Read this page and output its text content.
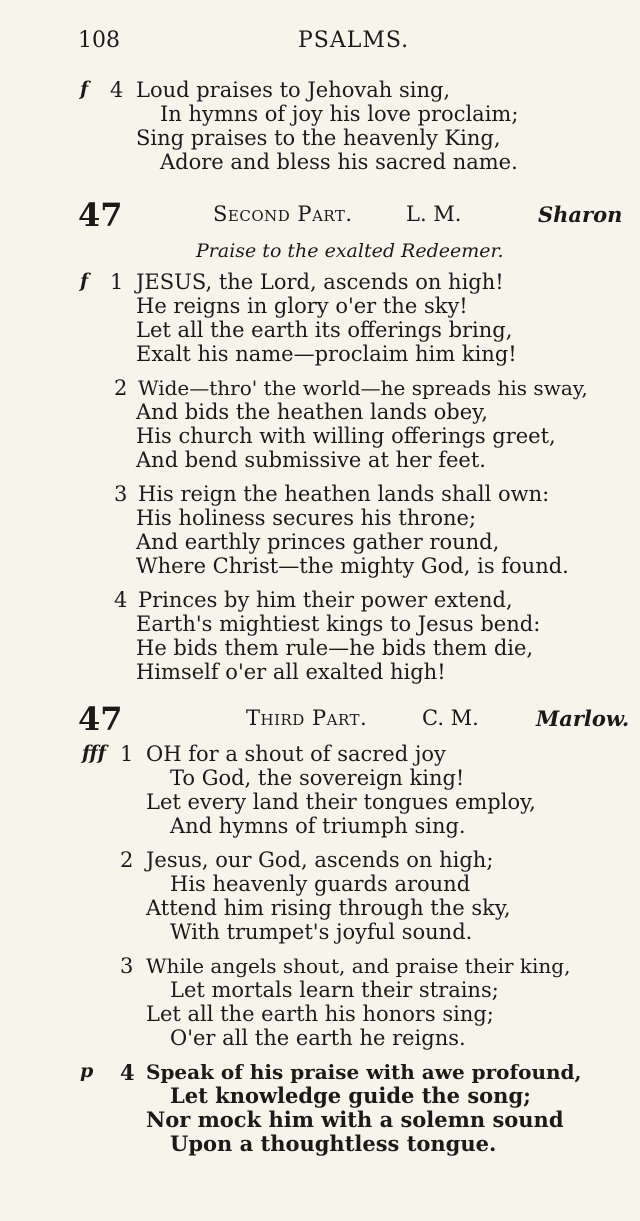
108	PSALMS.
f 4 Loud praises to Jehovah sing,
In hymns of joy his love proclaim;
Sing praises to the heavenly King,
Adore and bless his sacred name.
47	Second Part.	L. M.	Sharon
Praise to the exalted Redeemer.
f 1 JESUS, the Lord, ascends on high!
He reigns in glory o'er the sky!
Let all the earth its offerings bring,
Exalt his name—proclaim him king!
2 Wide—thro' the world—he spreads his sway,
And bids the heathen lands obey,
His church with willing offerings greet,
And bend submissive at her feet.
3 His reign the heathen lands shall own:
His holiness secures his throne;
And earthly princes gather round,
Where Christ—the mighty God, is found.
4 Princes by him their power extend,
Earth's mightiest kings to Jesus bend:
He bids them rule—he bids them die,
Himself o'er all exalted high!
47	Third Part.	C. M.	Marlow.
fff 1 OH for a shout of sacred joy
To God, the sovereign king!
Let every land their tongues employ,
And hymns of triumph sing.
2 Jesus, our God, ascends on high;
His heavenly guards around
Attend him rising through the sky,
With trumpet's joyful sound.
3 While angels shout, and praise their king,
Let mortals learn their strains;
Let all the earth his honors sing;
O'er all the earth he reigns.
p 4 Speak of his praise with awe profound,
Let knowledge guide the song;
Nor mock him with a solemn sound
Upon a thoughtless tongue.
